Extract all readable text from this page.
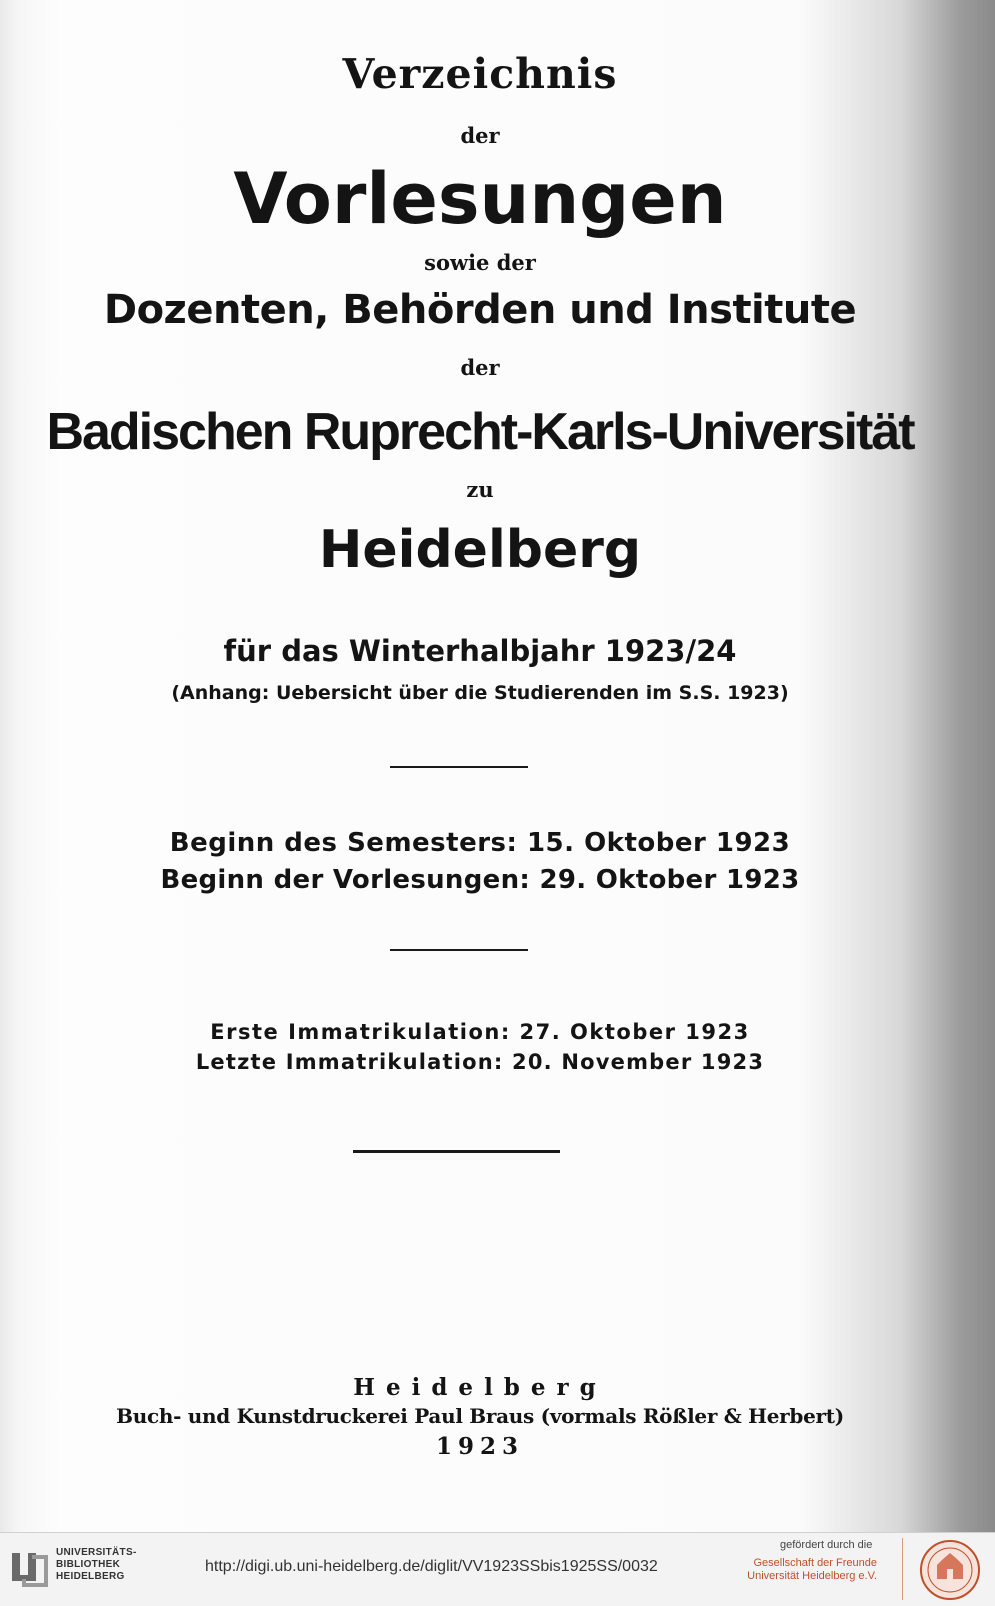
Verzeichnis
der
Vorlesungen
sowie der
Dozenten, Behörden und Institute
der
Badischen Ruprecht-Karls-Universität
zu
Heidelberg
für das Winterhalbjahr 1923/24
(Anhang: Uebersicht über die Studierenden im S.S. 1923)
Beginn des Semesters: 15. Oktober 1923
Beginn der Vorlesungen: 29. Oktober 1923
Erste Immatrikulation: 27. Oktober 1923
Letzte Immatrikulation: 20. November 1923
Heidelberg
Buch- und Kunstdruckerei Paul Braus (vormals Rößler & Herbert)
1923
UNIVERSITÄTS-
BIBLIOTHEK
HEIDELBERG
http://digi.ub.uni-heidelberg.de/diglit/VV1923SSbis1925SS/0032
gefördert durch die
Gesellschaft der Freunde
Universität Heidelberg e.V.
